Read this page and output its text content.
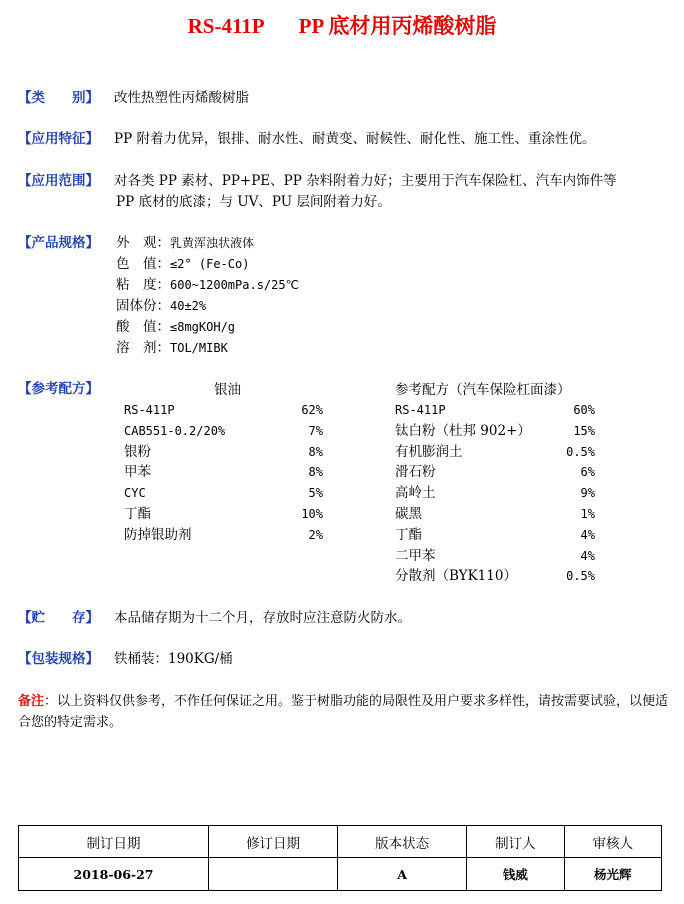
RS-411P PP 底材用丙烯酸树脂
【类　　别】 改性热塑性丙烯酸树脂
【应用特征】 PP 附着力优异，银排、耐水性、耐黄变、耐候性、耐化性、施工性、重涂性优。
【应用范围】 对各类 PP 素材、PP+PE、PP 杂料附着力好；主要用于汽车保险杠、汽车内饰件等
PP 底材的底漆；与 UV、PU 层间附着力好。
【产品规格】 外　观：乳黄浑浊状液体
色　值：≤2° (Fe-Co)
粘　度：600~1200mPa.s/25℃
固体份：40±2%
酸　值：≤8mgKOH/g
溶　剂：TOL/MIBK
【参考配方】	银油
RS-411P	62%
CAB551-0.2/20%	7%
银粉	8%
甲苯	8%
CYC	5%
丁酯	10%
防掉银助剂	2%
参考配方（汽车保险杠面漆）
RS-411P	60%
钛白粉（杜邦 902+）	15%
有机膨润土	0.5%
滑石粉	6%
高岭土	9%
碳黑	1%
丁酯	4%
二甲苯	4%
分散剂（BYK110）	0.5%
【贮　　存】 本品储存期为十二个月，存放时应注意防火防水。
【包装规格】 铁桶装：190KG/桶
备注：以上资料仅供参考，不作任何保证之用。鉴于树脂功能的局限性及用户要求多样性，请按需要试验，以便适合您的特定需求。
制订日期	修订日期	版本状态	制订人	审核人
2018-06-27		A	钱威	杨光辉
